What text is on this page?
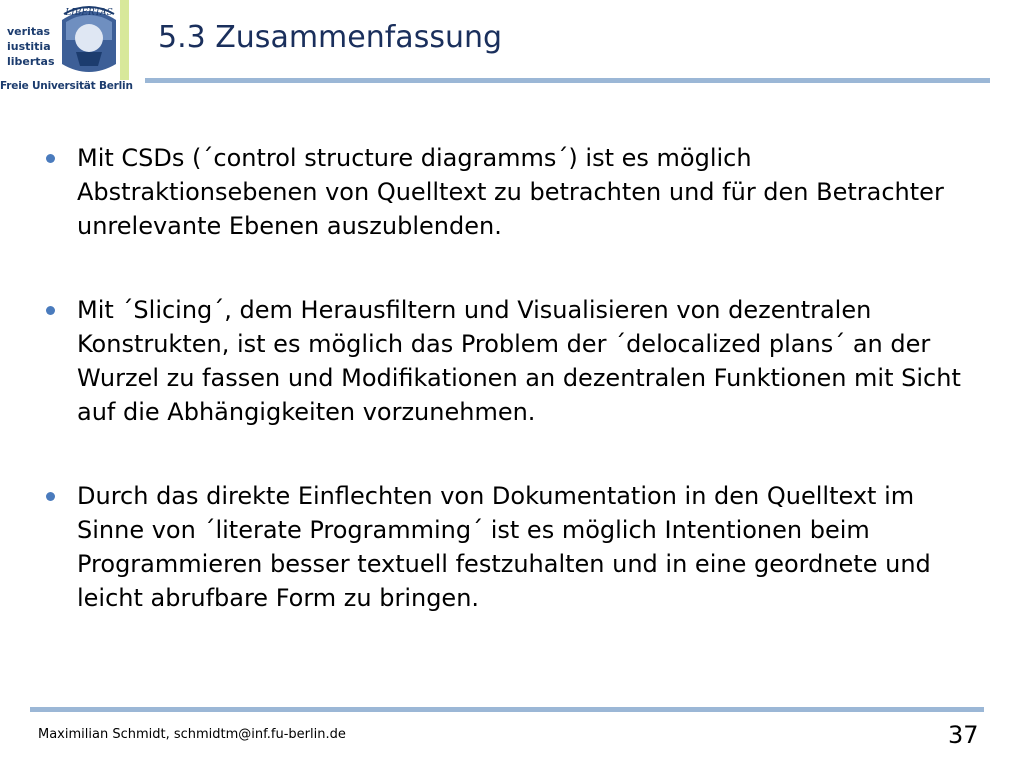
veritas
iustitia
libertas
LIBERTAS
Freie Universität Berlin
5.3 Zusammenfassung
Mit CSDs (´control structure diagramms´) ist es möglich Abstraktionsebenen von Quelltext zu betrachten und für den Betrachter unrelevante Ebenen auszublenden.
Mit ´Slicing´, dem Herausfiltern und Visualisieren von dezentralen Konstrukten, ist es möglich das Problem der ´delocalized plans´ an der Wurzel zu fassen und Modifikationen an dezentralen Funktionen mit Sicht auf die Abhängigkeiten vorzunehmen.
Durch das direkte Einflechten von Dokumentation in den Quelltext im Sinne von ´literate Programming´ ist es möglich Intentionen beim Programmieren besser textuell festzuhalten und in eine geordnete und leicht abrufbare Form zu bringen.
Maximilian Schmidt, schmidtm@inf.fu-berlin.de	37
